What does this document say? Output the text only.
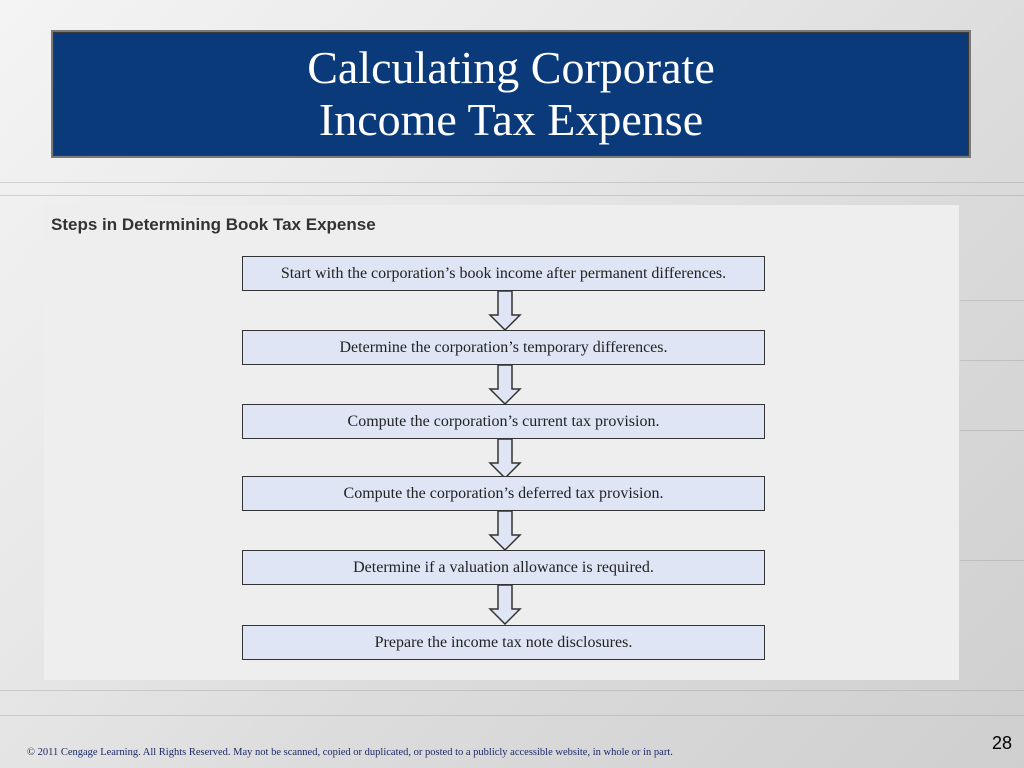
Calculating Corporate
Income Tax Expense
Steps in Determining Book Tax Expense
Start with the corporation’s book income after permanent differences.
Determine the corporation’s temporary differences.
Compute the corporation’s current tax provision.
Compute the corporation’s deferred tax provision.
Determine if a valuation allowance is required.
Prepare the income tax note disclosures.
© 2011 Cengage Learning. All Rights Reserved. May not be scanned, copied or duplicated, or posted to a publicly accessible website, in whole or in part.	28
